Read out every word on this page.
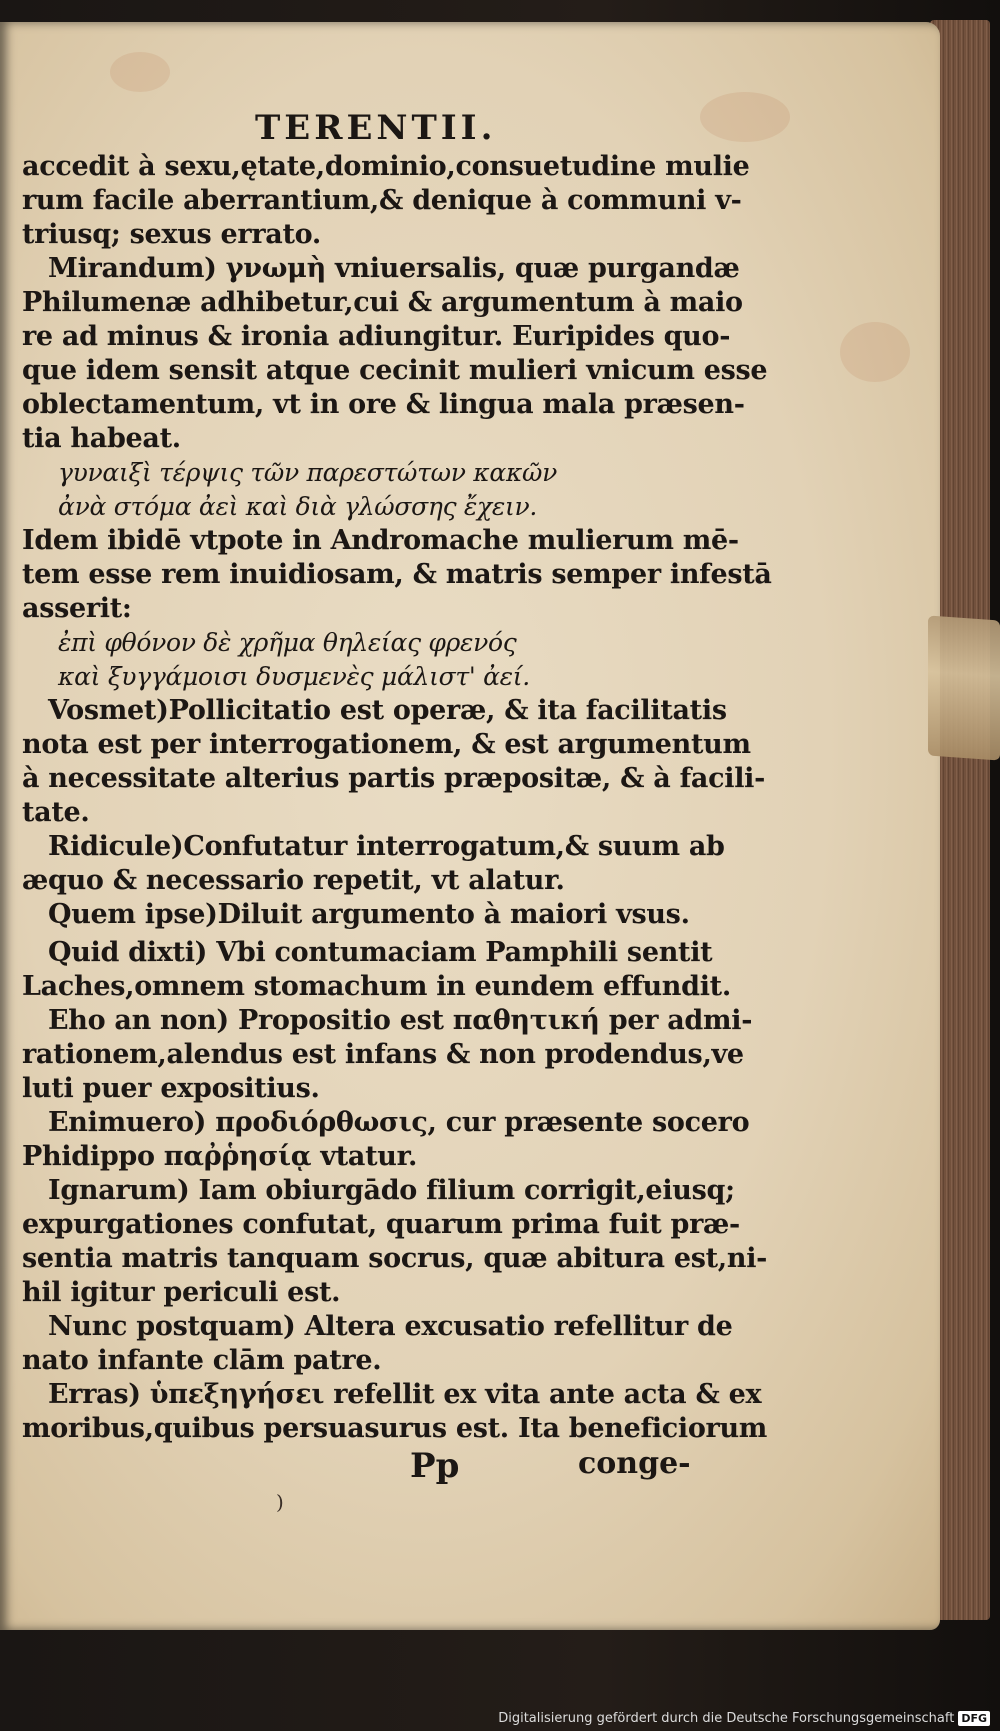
TERENTII.
accedit à sexu,ętate,dominio,consuetudine mulie
rum facile aberrantium,& denique à communi v-
triusq; sexus errato.
Mirandum) γνωμὴ vniuersalis, quæ purgandæ
Philumenæ adhibetur,cui & argumentum à maio
re ad minus & ironia adiungitur. Euripides quo-
que idem sensit atque cecinit mulieri vnicum esse
oblectamentum, vt in ore & lingua mala præsen-
tia habeat.
γυναιξὶ τέρψις τῶν παρεστώτων κακῶν
ἀνὰ στόμα ἀεὶ καὶ διὰ γλώσσης ἔχειν.
Idem ibidē vtpote in Andromache mulierum mē-
tem esse rem inuidiosam, & matris semper infestā
asserit:
ἐπὶ φθόνον δὲ χρῆμα θηλείας φρενός
καὶ ξυγγάμοισι δυσμενὲς μάλιστ' ἀεί.
Vosmet)Pollicitatio est operæ, & ita facilitatis
nota est per interrogationem, & est argumentum
à necessitate alterius partis præpositæ, & à facili-
tate.
Ridicule)Confutatur interrogatum,& suum ab
æquo & necessario repetit, vt alatur.
Quem ipse)Diluit argumento à maiori vsus.
Quid dixti) Vbi contumaciam Pamphili sentit
Laches,omnem stomachum in eundem effundit.
Eho an non) Propositio est παθητική per admi-
rationem,alendus est infans & non prodendus,ve
luti puer expositius.
Enimuero) προδιόρθωσις, cur præsente socero
Phidippo παῤῥησίᾳ vtatur.
Ignarum) Iam obiurgādo filium corrigit,eiusq;
expurgationes confutat, quarum prima fuit præ-
sentia matris tanquam socrus, quæ abitura est,ni-
hil igitur periculi est.
Nunc postquam) Altera excusatio refellitur de
nato infante clām patre.
Erras) ὑπεξηγήσει refellit ex vita ante acta & ex
moribus,quibus persuasurus est. Ita beneficiorum
Pp	conge-
)
Digitalisierung gefördert durch die Deutsche Forschungsgemeinschaft DFG
